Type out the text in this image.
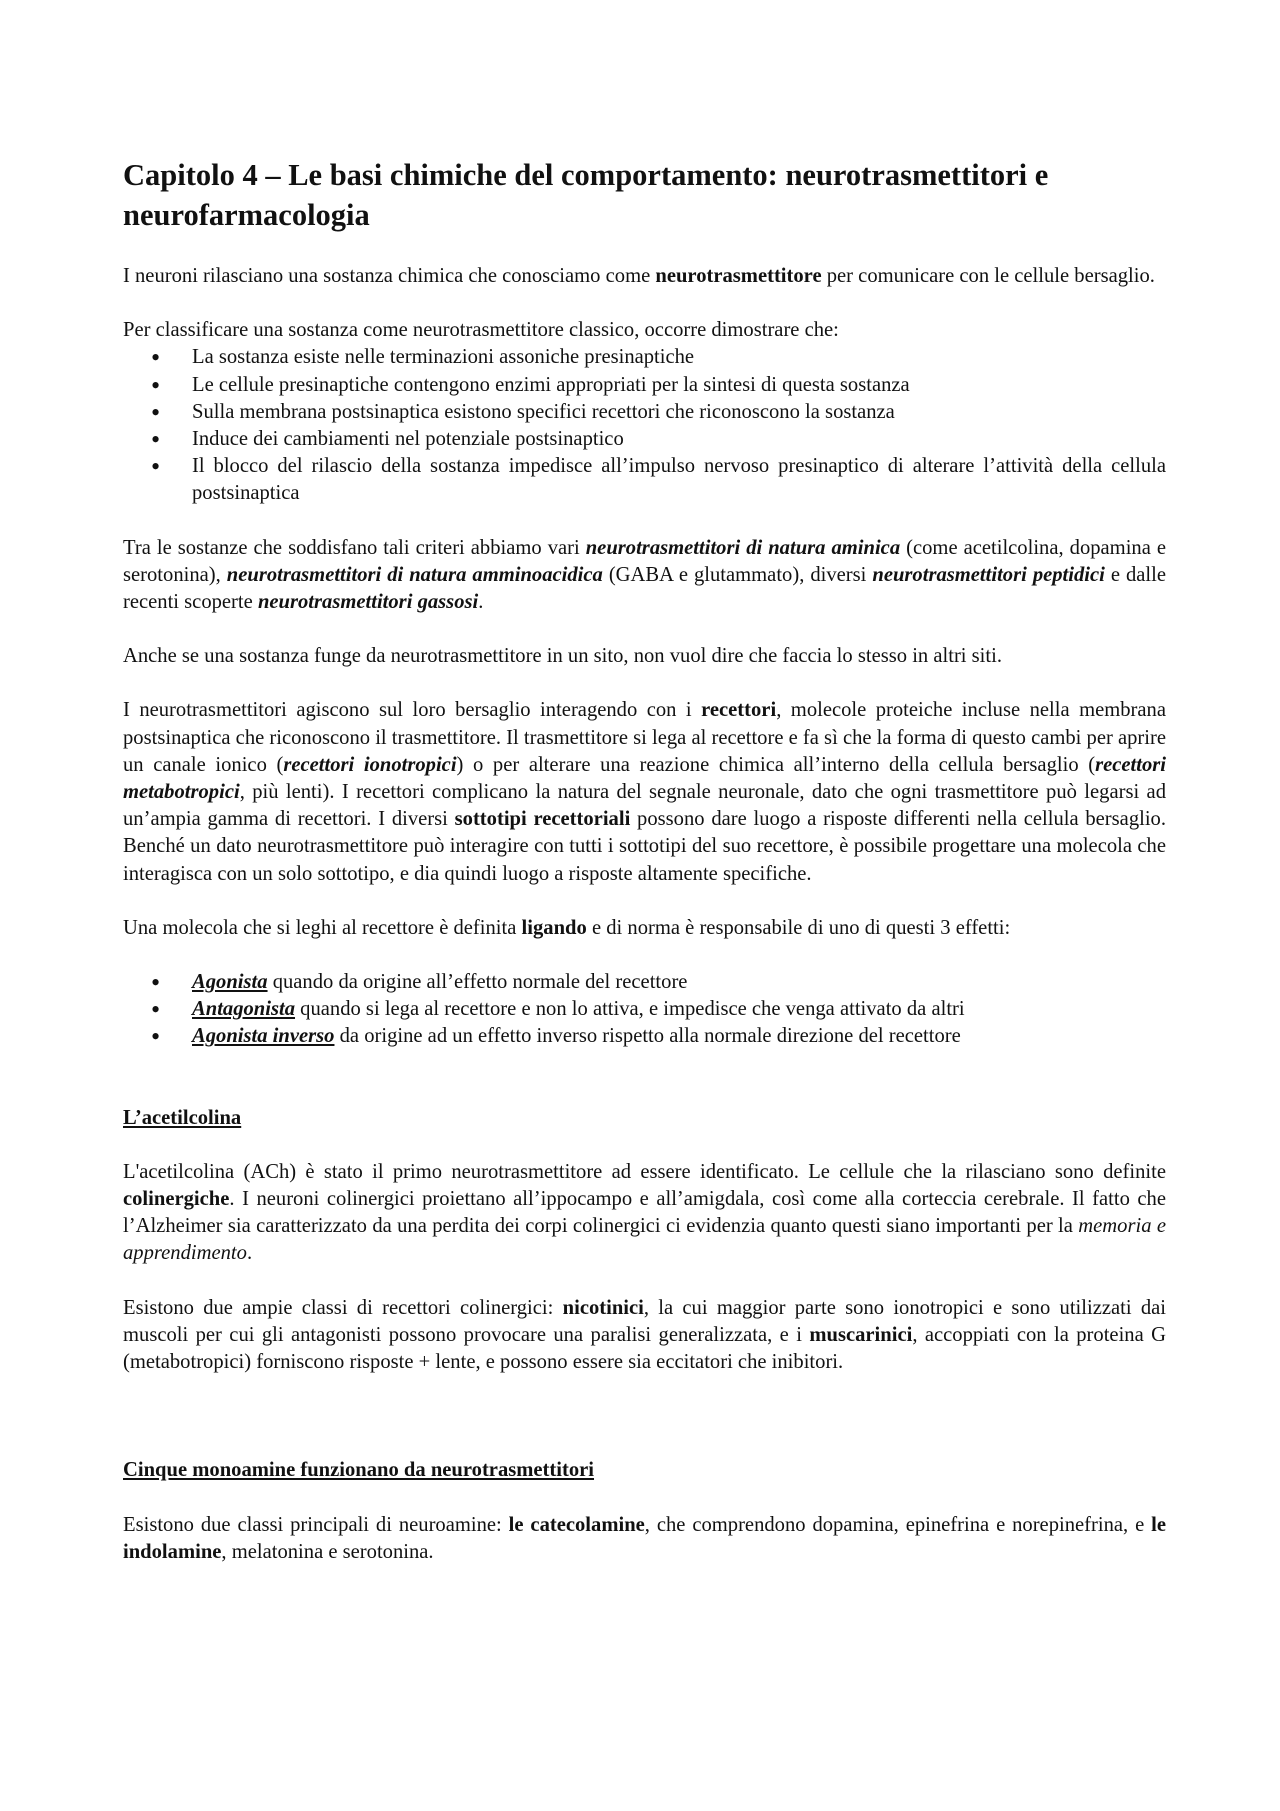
Capitolo 4 – Le basi chimiche del comportamento: neurotrasmettitori e neurofarmacologia

I neuroni rilasciano una sostanza chimica che conosciamo come neurotrasmettitore per comunicare con le cellule bersaglio.

Per classificare una sostanza come neurotrasmettitore classico, occorre dimostrare che:

• La sostanza esiste nelle terminazioni assoniche presinaptiche
• Le cellule presinaptiche contengono enzimi appropriati per la sintesi di questa sostanza
• Sulla membrana postsinaptica esistono specifici recettori che riconoscono la sostanza
• Induce dei cambiamenti nel potenziale postsinaptico
• Il blocco del rilascio della sostanza impedisce all’impulso nervoso presinaptico di alterare l’attività della cellula postsinaptica

Tra le sostanze che soddisfano tali criteri abbiamo vari neurotrasmettitori di natura aminica (come acetilcolina, dopamina e serotonina), neurotrasmettitori di natura amminoacidica (GABA e glutammato), diversi neurotrasmettitori peptidici e dalle recenti scoperte neurotrasmettitori gassosi.

Anche se una sostanza funge da neurotrasmettitore in un sito, non vuol dire che faccia lo stesso in altri siti.

I neurotrasmettitori agiscono sul loro bersaglio interagendo con i recettori, molecole proteiche incluse nella membrana postsinaptica che riconoscono il trasmettitore. Il trasmettitore si lega al recettore e fa sì che la forma di questo cambi per aprire un canale ionico (recettori ionotropici) o per alterare una reazione chimica all’interno della cellula bersaglio (recettori metabotropici, più lenti). I recettori complicano la natura del segnale neuronale, dato che ogni trasmettitore può legarsi ad un’ampia gamma di recettori. I diversi sottotipi recettoriali possono dare luogo a risposte differenti nella cellula bersaglio. Benché un dato neurotrasmettitore può interagire con tutti i sottotipi del suo recettore, è possibile progettare una molecola che interagisca con un solo sottotipo, e dia quindi luogo a risposte altamente specifiche.

Una molecola che si leghi al recettore è definita ligando e di norma è responsabile di uno di questi 3 effetti:

• Agonista quando da origine all’effetto normale del recettore
• Antagonista quando si lega al recettore e non lo attiva, e impedisce che venga attivato da altri
• Agonista inverso da origine ad un effetto inverso rispetto alla normale direzione del recettore
L’acetilcolina

L'acetilcolina (ACh) è stato il primo neurotrasmettitore ad essere identificato. Le cellule che la rilasciano sono definite colinergiche. I neuroni colinergici proiettano all’ippocampo e all’amigdala, così come alla corteccia cerebrale. Il fatto che l’Alzheimer sia caratterizzato da una perdita dei corpi colinergici ci evidenzia quanto questi siano importanti per la memoria e apprendimento.

Esistono due ampie classi di recettori colinergici: nicotinici, la cui maggior parte sono ionotropici e sono utilizzati dai muscoli per cui gli antagonisti possono provocare una paralisi generalizzata, e i muscarinici, accoppiati con la proteina G (metabotropici) forniscono risposte + lente, e possono essere sia eccitatori che inibitori.

Cinque monoamine funzionano da neurotrasmettitori

Esistono due classi principali di neuroamine: le catecolamine, che comprendono dopamina, epinefrina e norepinefrina, e le indolamine, melatonina e serotonina.
